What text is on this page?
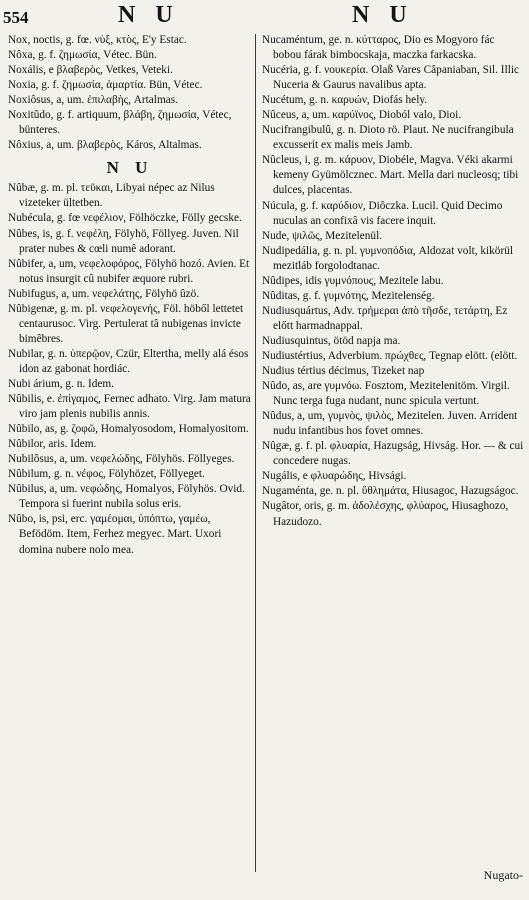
554	N U	N U

Nox, noctis, g. fœ. νὺξ, κτὸς, E'y Estac.

Nôxa, g. f. ζημωσία, Vétec. Bün.

Noxális, e βλαβερὸς, Vetkes, Veteki.

Noxia, g. f. ζημωσία, ἁμαρτία. Bün, Vétec.

Noxiôsus, a, um. ἐπιλαβὴς, Artalmas.

Noxitûdo, g. f. artiquum, βλάβη, ζημωσία, Vétec, bünteres.

Nôxius, a, um. βλαβερὸς, Káros, Altalmas.

N U

Nûbæ, g. m. pl. τεῦκαι, Libyai népec az Nilus vizeteker ültetben.

Nubécula, g. fœ νεφέλιον, Fölhöczke, Fölly gecske.

Nûbes, is, g. f. νεφέλη, Fölyhö, Föllyeg. Juven. Nil prater nubes & cœli numê adorant.

Nûbifer, a, um, νεφελοφόρος, Fölyhö hozó. Avien. Et notus insurgit cû nubifer æquore rubri.

Nubifugus, a, um. νεφελάτης, Fölyhö ûzö.

Nûbigenæ, g. m. pl. νεφελογενής, Föl. höből lettetet centaurusoc. Virg. Pertulerat tâ nubigenas invicte bimêbres.

Nubilar, g. n. ὑπερῷον, Czür, Eltertha, melly alá ésos idon az gabonat hordiác.

Nubi árium, g. n. Idem.

Nûbilis, e. ἐπίγαμος, Fernec adhato. Virg. Jam matura viro jam plenis nubilis annis.

Nûbilo, as, g. ζοφῶ, Homalyosodom, Homalyositom.

Nûbilor, aris. Idem.

Nubilôsus, a, um. νεφελώδης, Fölyhös. Föllyeges.

Nûbilum, g. n. νέφος, Fölyhözet, Föllyeget.

Nûbilus, a, um. νεφώδης, Homalyos, Fölyhös. Ovid. Tempora si fuerint nubila solus eris.

Nûbo, is, psi, erc. γαμέομαι, ὑπόπτω, γαμέω, Befödöm. Item, Ferhez megyec. Mart. Uxori domina nubere nolo mea.

Nucaméntum, ge. n. κύτταρος, Dio es Mogyoro fác bobou fárak bimbocskaja, maczka farkacska.

Nucéria, g. f. νουκερία. Olaß Vares Câpaniaban, Sil. Illic Nuceria & Gaurus navalibus apta.

Nucétum, g. n. καρυών, Diofás hely.

Nûceus, a, um. καρύϊνος, Dioból valo, Dioi.

Nucifrangibulû, g. n. Dioto rö. Plaut. Ne nucifrangibula excusserit ex malis meis Jamb.

Nûcleus, i, g. m. κάρυον, Diobéle, Magva. Véki akarmi kemeny Gyümölcznec. Mart. Mella dari nucleosq; tibi dulces, placentas.

Núcula, g. f. καρύδιον, Diôczka. Lucil. Quid Decimo nuculas an confixâ vis facere inquit.

Nude, ψιλῶς, Mezitelenül.

Nudipedália, g. n. pl. γυμνοπόδια, Aldozat volt, kikörül mezitláb forgolodtanac.

Nûdipes, idis γυμνόπους, Mezitele labu.

Nûditas, g. f. γυμνότης, Mezitelenség.

Nudiusquártus, Adv. τρήμεραι ἀπὸ τῆσδε, τετάρτη, Ez előtt harmadnappal.

Nudiusquintus, ötöd napja ma.

Nudiustértius, Adverbium. πρώχθες, Tegnap elött. (elött.

Nudius tértius décimus, Tizeket nap

Nûdo, as, are γυμνόω. Fosztom, Mezitelenitöm. Virgil. Nunc terga fuga nudant, nunc spicula vertunt.

Nûdus, a, um, γυμνὸς, ψιλὸς, Mezitelen. Juven. Arrident nudu infantibus hos fovet omnes.

Nûgæ, g. f. pl. φλυαρία, Hazugság, Hivság. Hor. — & cui concedere nugas.

Nugális, e φλυαρώδης, Hivsági.

Nugaménta, ge. n. pl. ὕθλημάτα, Hiusagoc, Hazugságoc.

Nugâtor, oris, g. m. ἀδολέσχης, φλύαρος, Hiusaghozo, Hazudozo.

Nugato-
